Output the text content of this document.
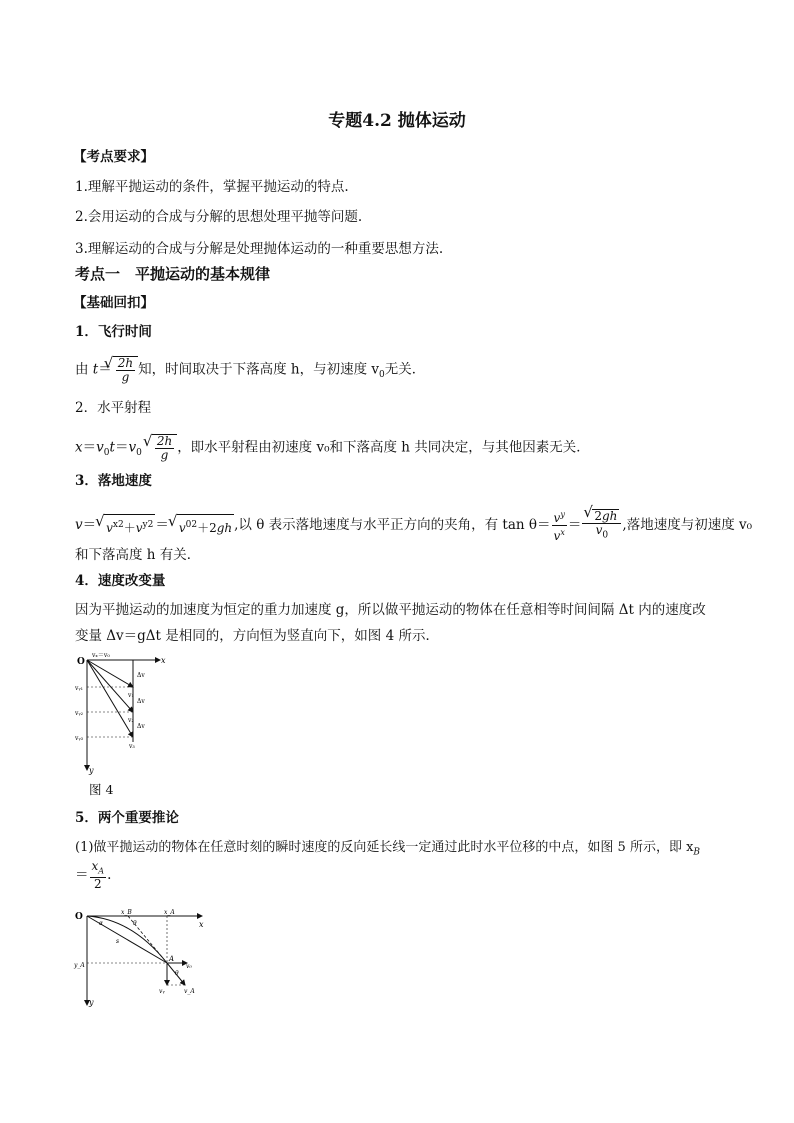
专题4.2 抛体运动
【考点要求】
1.理解平抛运动的条件，掌握平抛运动的特点.
2.会用运动的合成与分解的思想处理平抛等问题.
3.理解运动的合成与分解是处理抛体运动的一种重要思想方法.
考点一　平抛运动的基本规律
【基础回扣】
1．飞行时间
由 t＝ √ $\frac{2h}{g}$ 知，时间取决于下落高度 h，与初速度 $v_0$无关．
2．水平射程
$x=v_0t=v_0$ √ $\frac{2h}{g}$ ，即水平射程由初速度 v₀和下落高度 h 共同决定，与其他因素无关．
3．落地速度
v＝ √ $v^{x2}+v^{y2}$ ＝ √ $v^{02}+2gh$ ,以 θ 表示落地速度与水平正方向的夹角，有 $\tan \theta= \frac{v^y}{v^x}$ ＝ √ $\frac{2gh}{v_0}$ ,落地速度与初速度 v₀
和下落高度 h 有关．
4．速度改变量
因为平抛运动的加速度为恒定的重力加速度 g，所以做平抛运动的物体在任意相等时间间隔 Δt 内的速度改
变量 Δv＝gΔt 是相同的，方向恒为竖直向下，如图 4 所示．
O	x
y
vₓ＝v₀
vᵧ₁
vᵧ₂
vᵧ₃
Δv
Δv
Δv
v₁
v₂
v₃
图 4
5．两个重要推论
(1)做平抛运动的物体在任意时刻的瞬时速度的反向延长线一定通过此时水平位移的中点，如图 5 所示，即 $x_B$
＝ $\frac{x_A}{2}$ .
O
x
y
x_B	x_A
y_A
α	θ
s
A
θ
v₀
vᵧ	v_A
